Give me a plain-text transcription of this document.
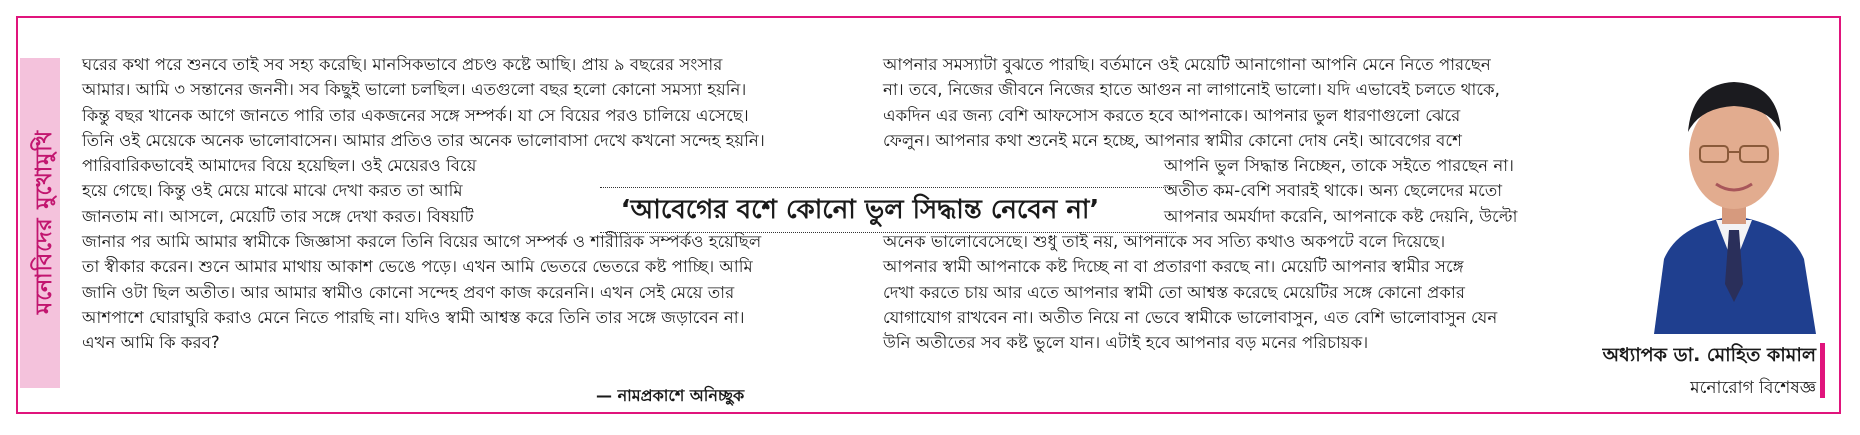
মনোবিদের মুখোমুখি
ঘরের কথা পরে শুনবে তাই সব সহ্য করেছি। মানসিকভাবে প্রচণ্ড কষ্টে আছি। প্রায় ৯ বছরের সংসার
আমার। আমি ৩ সন্তানের জননী। সব কিছুই ভালো চলছিল। এতগুলো বছর হলো কোনো সমস্যা হয়নি।
কিন্তু বছর খানেক আগে জানতে পারি তার একজনের সঙ্গে সম্পর্ক। যা সে বিয়ের পরও চালিয়ে এসেছে।
তিনি ওই মেয়েকে অনেক ভালোবাসেন। আমার প্রতিও তার অনেক ভালোবাসা দেখে কখনো সন্দেহ হয়নি।
পারিবারিকভাবেই আমাদের বিয়ে হয়েছিল। ওই মেয়েরও বিয়ে
হয়ে গেছে। কিন্তু ওই মেয়ে মাঝে মাঝে দেখা করত তা আমি
জানতাম না। আসলে, মেয়েটি তার সঙ্গে দেখা করত। বিষয়টি
জানার পর আমি আমার স্বামীকে জিজ্ঞাসা করলে তিনি বিয়ের আগে সম্পর্ক ও শারীরিক সম্পর্কও হয়েছিল
তা স্বীকার করেন। শুনে আমার মাথায় আকাশ ভেঙে পড়ে। এখন আমি ভেতরে ভেতরে কষ্ট পাচ্ছি। আমি
জানি ওটা ছিল অতীত। আর আমার স্বামীও কোনো সন্দেহ প্রবণ কাজ করেননি। এখন সেই মেয়ে তার
আশপাশে ঘোরাঘুরি করাও মেনে নিতে পারছি না। যদিও স্বামী আশ্বস্ত করে তিনি তার সঙ্গে জড়াবেন না।
এখন আমি কি করব?
— নামপ্রকাশে অনিচ্ছুক
‘আবেগের বশে কোনো ভুল সিদ্ধান্ত নেবেন না’
আপনার সমস্যাটা বুঝতে পারছি। বর্তমানে ওই মেয়েটি আনাগোনা আপনি মেনে নিতে পারছেন
না। তবে, নিজের জীবনে নিজের হাতে আগুন না লাগানোই ভালো। যদি এভাবেই চলতে থাকে,
একদিন এর জন্য বেশি আফসোস করতে হবে আপনাকে। আপনার ভুল ধারণাগুলো ঝেরে
ফেলুন। আপনার কথা শুনেই মনে হচ্ছে, আপনার স্বামীর কোনো দোষ নেই। আবেগের বশে
আপনি ভুল সিদ্ধান্ত নিচ্ছেন, তাকে সইতে পারছেন না।
অতীত কম-বেশি সবারই থাকে। অন্য ছেলেদের মতো
আপনার অমর্যাদা করেনি, আপনাকে কষ্ট দেয়নি, উল্টো
অনেক ভালোবেসেছে। শুধু তাই নয়, আপনাকে সব সত্যি কথাও অকপটে বলে দিয়েছে।
আপনার স্বামী আপনাকে কষ্ট দিচ্ছে না বা প্রতারণা করছে না। মেয়েটি আপনার স্বামীর সঙ্গে
দেখা করতে চায় আর এতে আপনার স্বামী তো আশ্বস্ত করেছে মেয়েটির সঙ্গে কোনো প্রকার
যোগাযোগ রাখবেন না। অতীত নিয়ে না ভেবে স্বামীকে ভালোবাসুন, এত বেশি ভালোবাসুন যেন
উনি অতীতের সব কষ্ট ভুলে যান। এটাই হবে আপনার বড় মনের পরিচায়ক।
অধ্যাপক ডা. মোহিত কামাল
মনোরোগ বিশেষজ্ঞ
